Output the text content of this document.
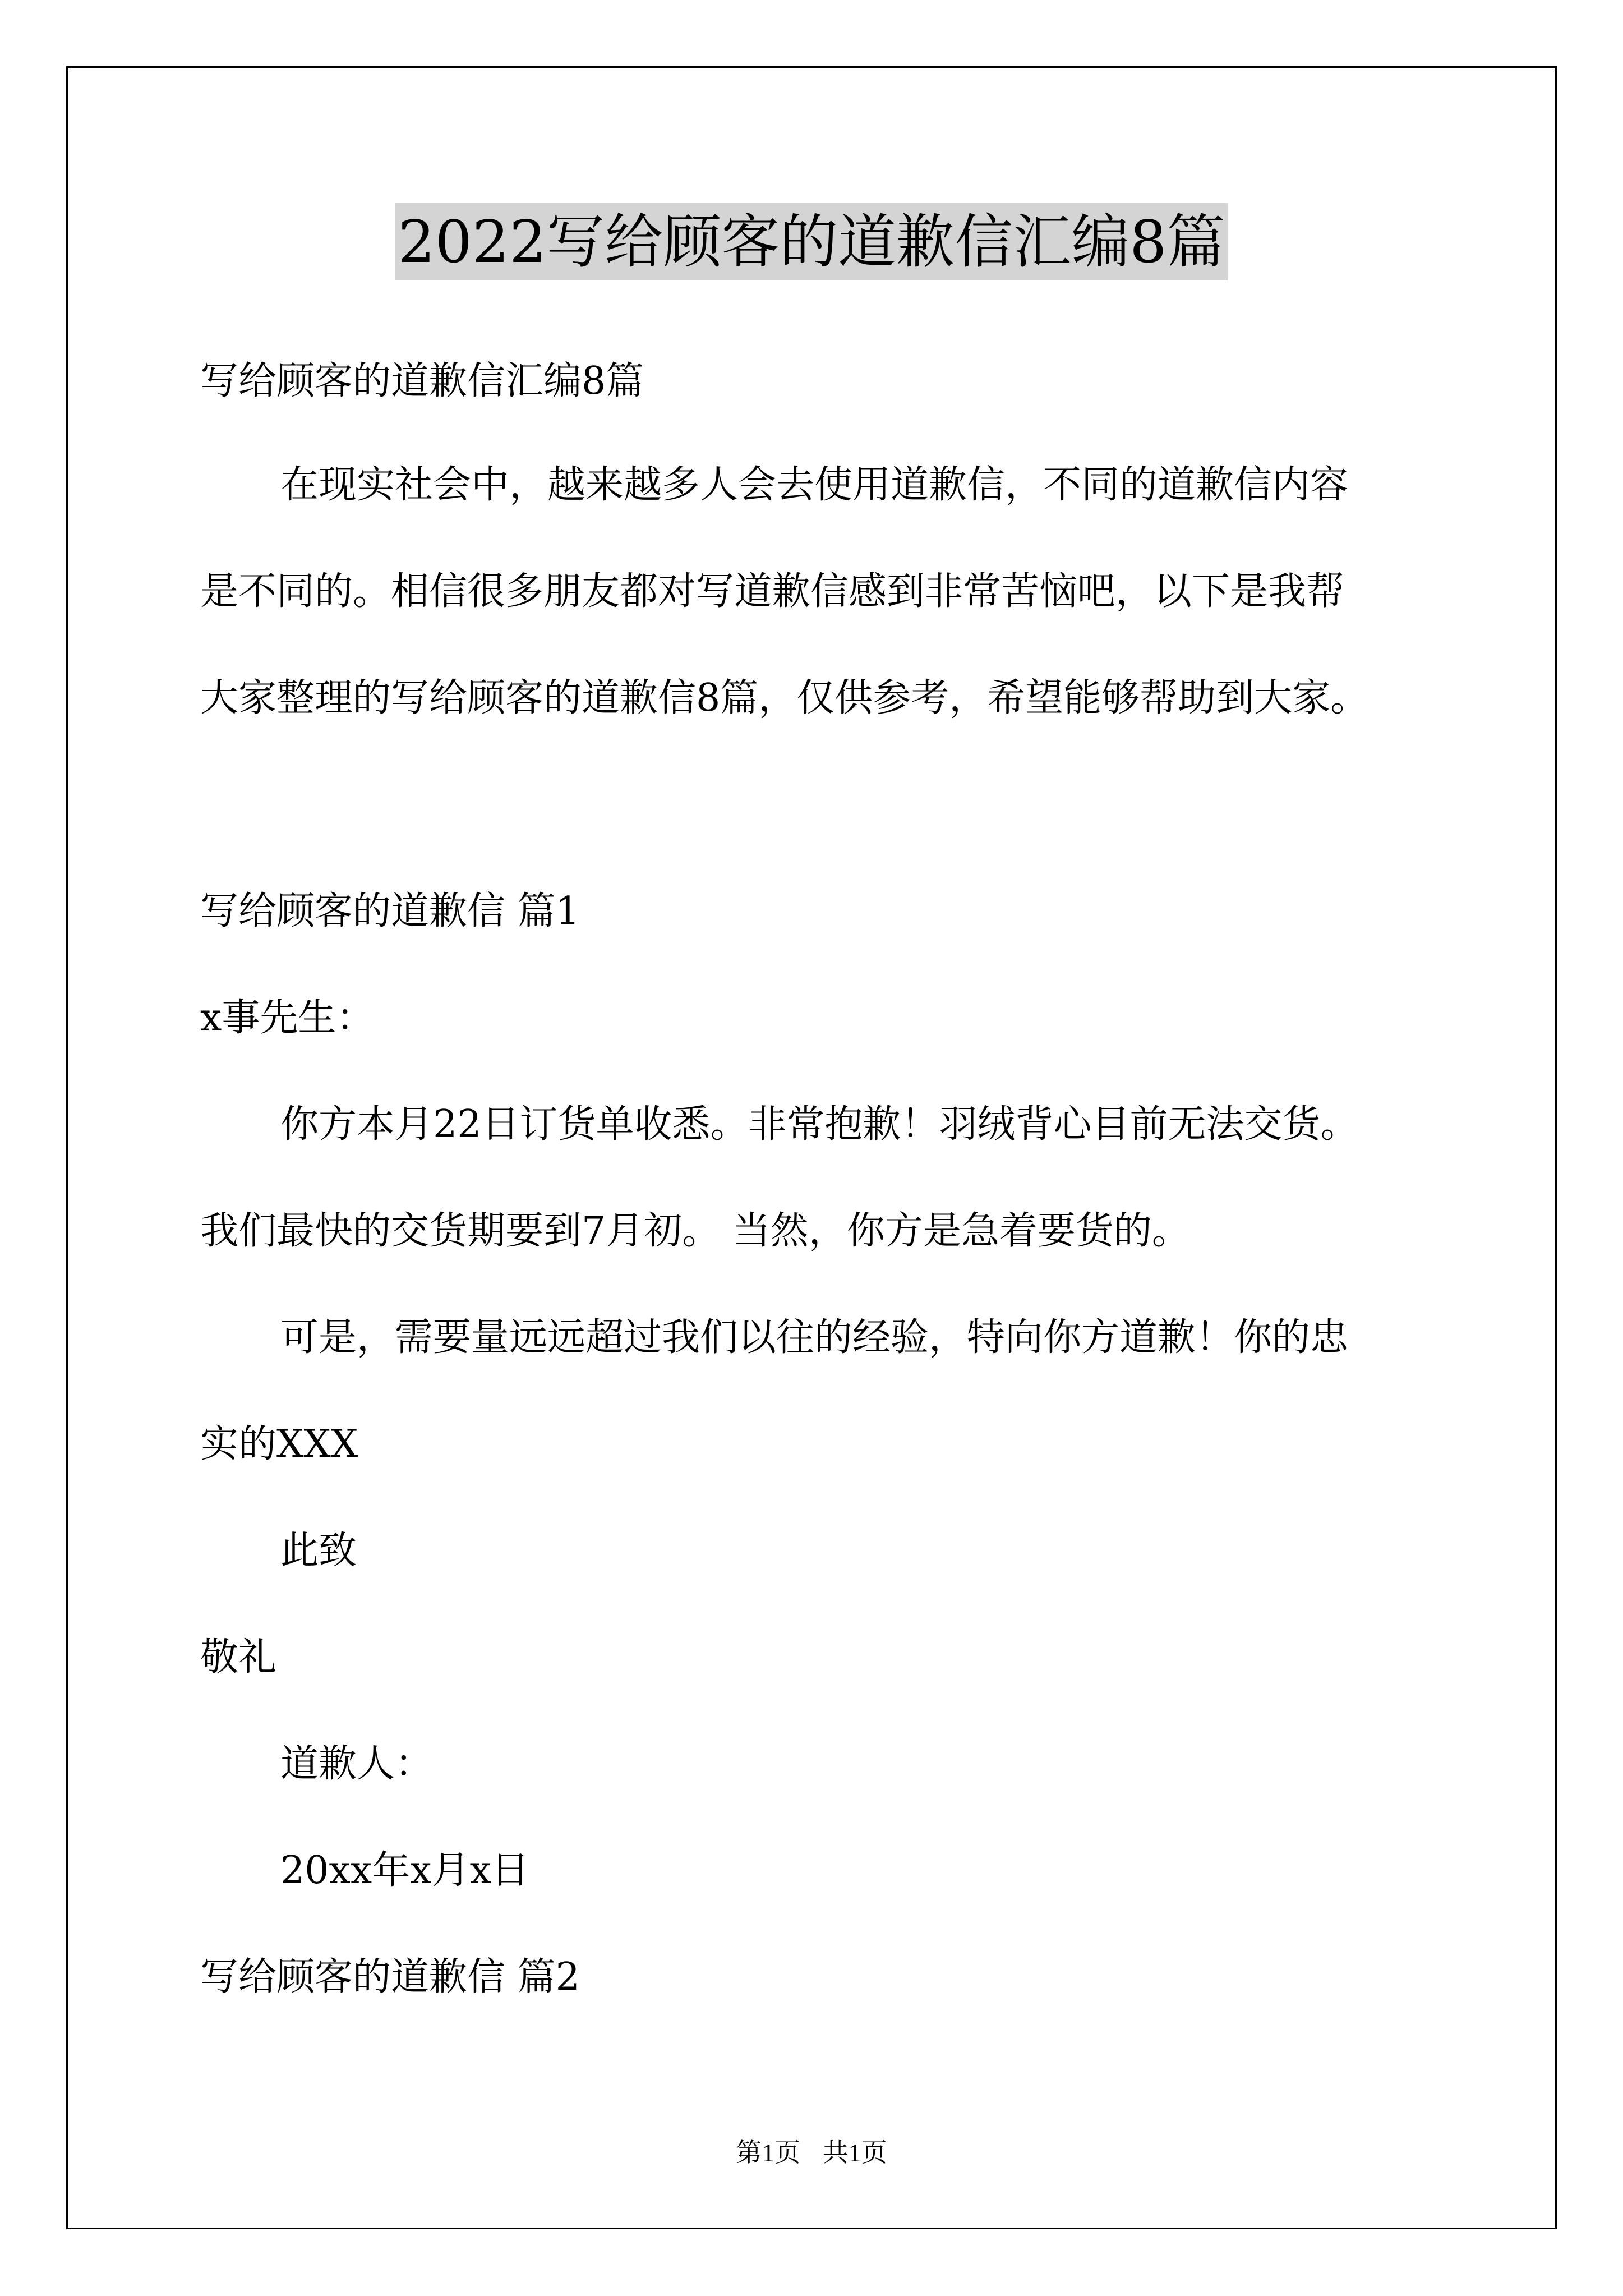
2022写给顾客的道歉信汇编8篇
写给顾客的道歉信汇编8篇
在现实社会中，越来越多人会去使用道歉信，不同的道歉信内容
是不同的。相信很多朋友都对写道歉信感到非常苦恼吧，以下是我帮
大家整理的写给顾客的道歉信8篇，仅供参考，希望能够帮助到大家。
写给顾客的道歉信 篇1
x事先生：
你方本月22日订货单收悉。非常抱歉！羽绒背心目前无法交货。
我们最快的交货期要到7月初。 当然，你方是急着要货的。
可是，需要量远远超过我们以往的经验，特向你方道歉！你的忠
实的XXX
此致
敬礼
道歉人：
20xx年x月x日
写给顾客的道歉信 篇2
第1页 共1页
